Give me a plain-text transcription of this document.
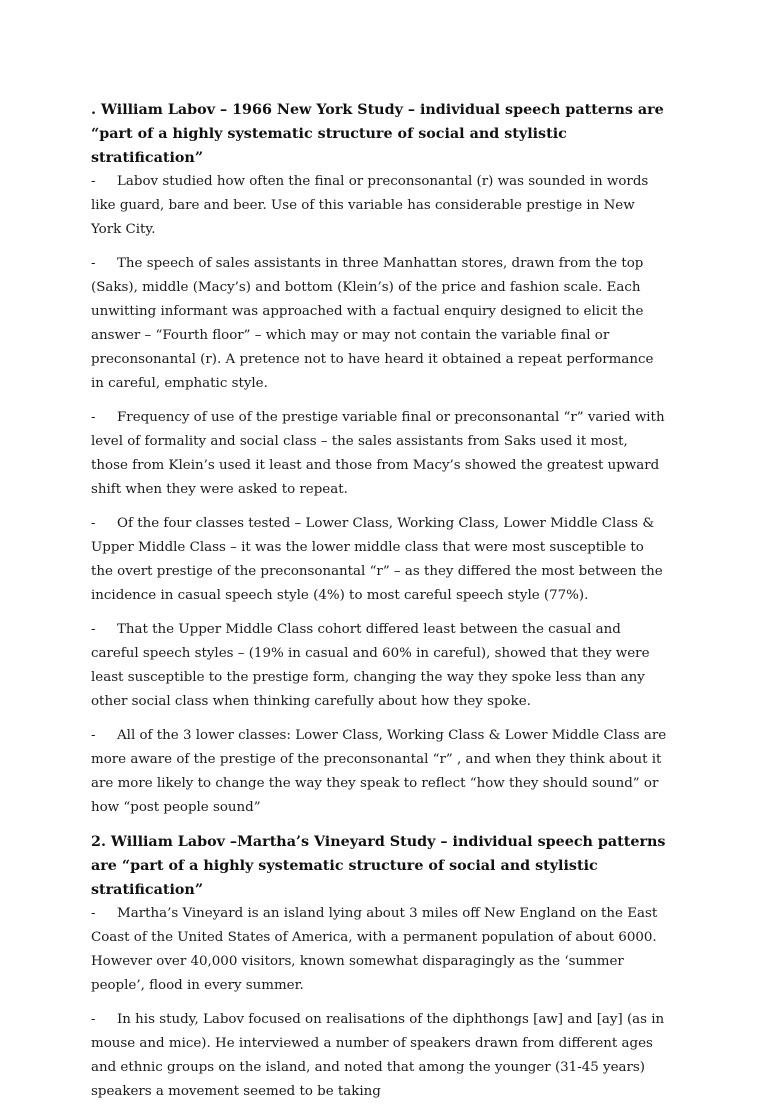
. William Labov – 1966 New York Study – individual speech patterns are “part of a highly systematic structure of social and stylistic stratification”

- Labov studied how often the final or preconsonantal (r) was sounded in words like guard, bare and beer. Use of this variable has considerable prestige in New York City.

- The speech of sales assistants in three Manhattan stores, drawn from the top (Saks), middle (Macy’s) and bottom (Klein’s) of the price and fashion scale. Each unwitting informant was approached with a factual enquiry designed to elicit the answer – “Fourth floor” – which may or may not contain the variable final or preconsonantal (r). A pretence not to have heard it obtained a repeat performance in careful, emphatic style.

- Frequency of use of the prestige variable final or preconsonantal “r” varied with level of formality and social class – the sales assistants from Saks used it most, those from Klein’s used it least and those from Macy’s showed the greatest upward shift when they were asked to repeat.

- Of the four classes tested – Lower Class, Working Class, Lower Middle Class & Upper Middle Class – it was the lower middle class that were most susceptible to the overt prestige of the preconsonantal “r” – as they differed the most between the incidence in casual speech style (4%) to most careful speech style (77%).

- That the Upper Middle Class cohort differed least between the casual and careful speech styles – (19% in casual and 60% in careful), showed that they were least susceptible to the prestige form, changing the way they spoke less than any other social class when thinking carefully about how they spoke.

- All of the 3 lower classes: Lower Class, Working Class & Lower Middle Class are more aware of the prestige of the preconsonantal “r” , and when they think about it are more likely to change the way they speak to reflect “how they should sound” or how “post people sound”

2. William Labov –Martha’s Vineyard Study – individual speech patterns are “part of a highly systematic structure of social and stylistic stratification”

- Martha’s Vineyard is an island lying about 3 miles off New England on the East Coast of the United States of America, with a permanent population of about 6000. However over 40,000 visitors, known somewhat disparagingly as the ‘summer people’, flood in every summer.

- In his study, Labov focused on realisations of the diphthongs [aw] and [ay] (as in mouse and mice). He interviewed a number of speakers drawn from different ages and ethnic groups on the island, and noted that among the younger (31-45 years) speakers a movement seemed to be taking
